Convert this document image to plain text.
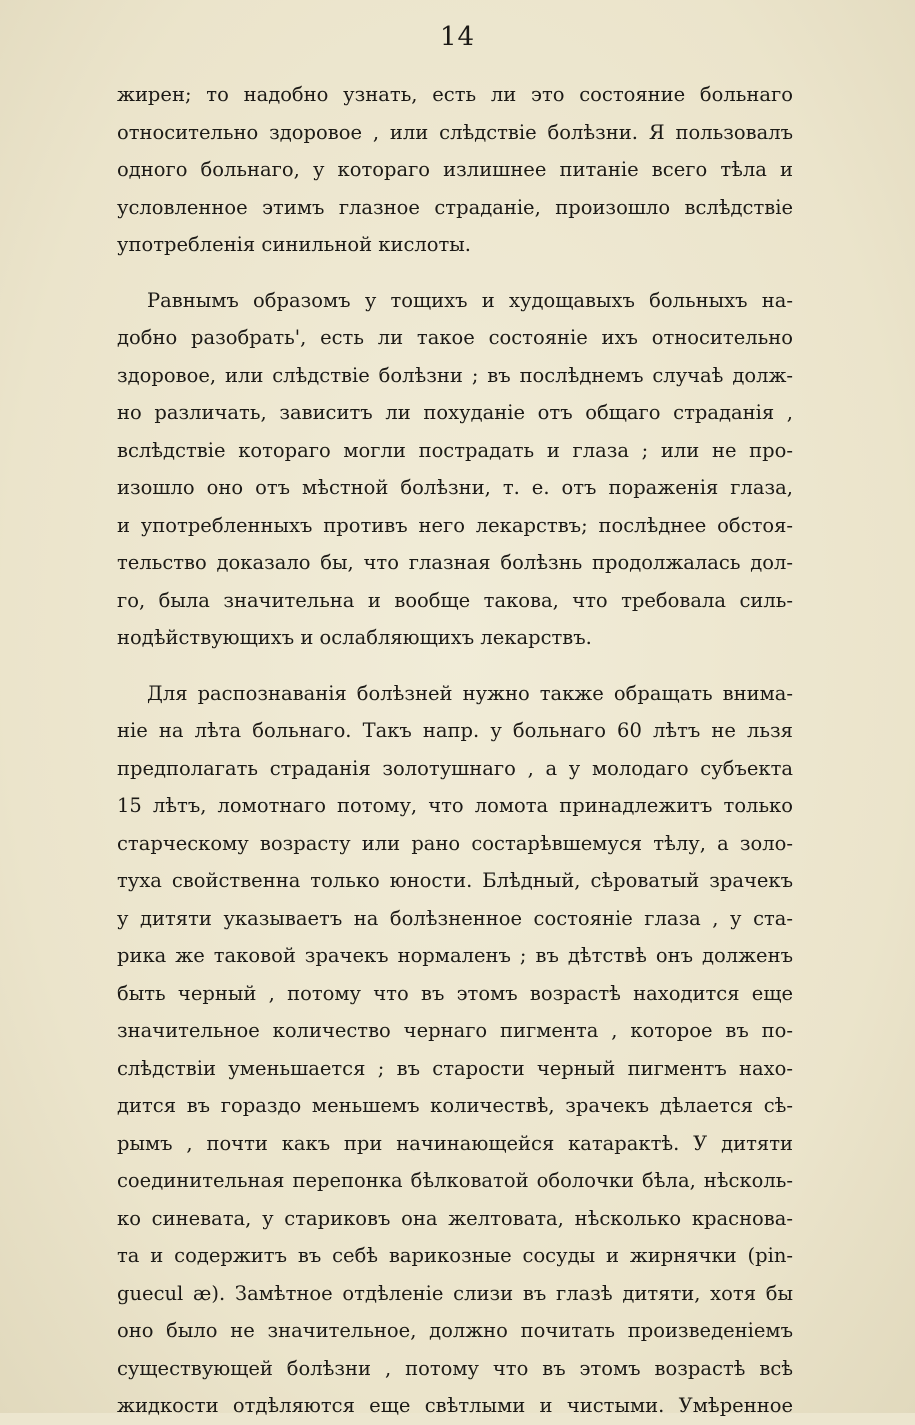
14

жирен; то надобно узнать, есть ли это состояние больнаго
относительно здоровое , или слѣдствіе болѣзни. Я пользовалъ
одного больнаго, у котораго излишнее питаніе всего тѣла и
условленное этимъ глазное страданіе, произошло вслѣдствіе
употребленія синильной кислоты.

Равнымъ образомъ у тощихъ и худощавыхъ больныхъ на-
добно разобрать', есть ли такое состояніе ихъ относительно
здоровое, или слѣдствіе болѣзни ; въ послѣднемъ случаѣ долж-
но различать, зависитъ ли похуданіе отъ общаго страданія ,
вслѣдствіе котораго могли пострадать и глаза ; или не про-
изошло оно отъ мѣстной болѣзни, т. е. отъ пораженія глаза,
и употребленныхъ противъ него лекарствъ; послѣднее обстоя-
тельство доказало бы, что глазная болѣзнь продолжалась дол-
го, была значительна и вообще такова, что требовала силь-
нодѣйствующихъ и ослабляющихъ лекарствъ.

Для распознаванія болѣзней нужно также обращать внима-
ніе на лѣта больнаго. Такъ напр. у больнаго 60 лѣтъ не льзя
предполагать страданія золотушнаго , а у молодаго субъекта
15 лѣтъ, ломотнаго потому, что ломота принадлежитъ только
старческому возрасту или рано состарѣвшемуся тѣлу, а золо-
туха свойственна только юности. Блѣдный, сѣроватый зрачекъ
у дитяти указываетъ на болѣзненное состояніе глаза , у ста-
рика же таковой зрачекъ нормаленъ ; въ дѣтствѣ онъ долженъ
быть черный , потому что въ этомъ возрастѣ находится еще
значительное количество чернаго пигмента , которое въ по-
слѣдствіи уменьшается ; въ старости черный пигментъ нахо-
дится въ гораздо меньшемъ количествѣ, зрачекъ дѣлается сѣ-
рымъ , почти какъ при начинающейся катарактѣ. У дитяти
соединительная перепонка бѣлковатой оболочки бѣла, нѣсколь-
ко синевата, у стариковъ она желтовата, нѣсколько краснова-
та и содержитъ въ себѣ варикозные сосуды и жирнячки (pin-
guecul æ). Замѣтное отдѣленіе слизи въ глазѣ дитяти, хотя бы
оно было не значительное, должно почитать произведеніемъ
существующей болѣзни , потому что въ этомъ возрастѣ всѣ
жидкости отдѣляются еще свѣтлыми и чистыми. Умѣренное
